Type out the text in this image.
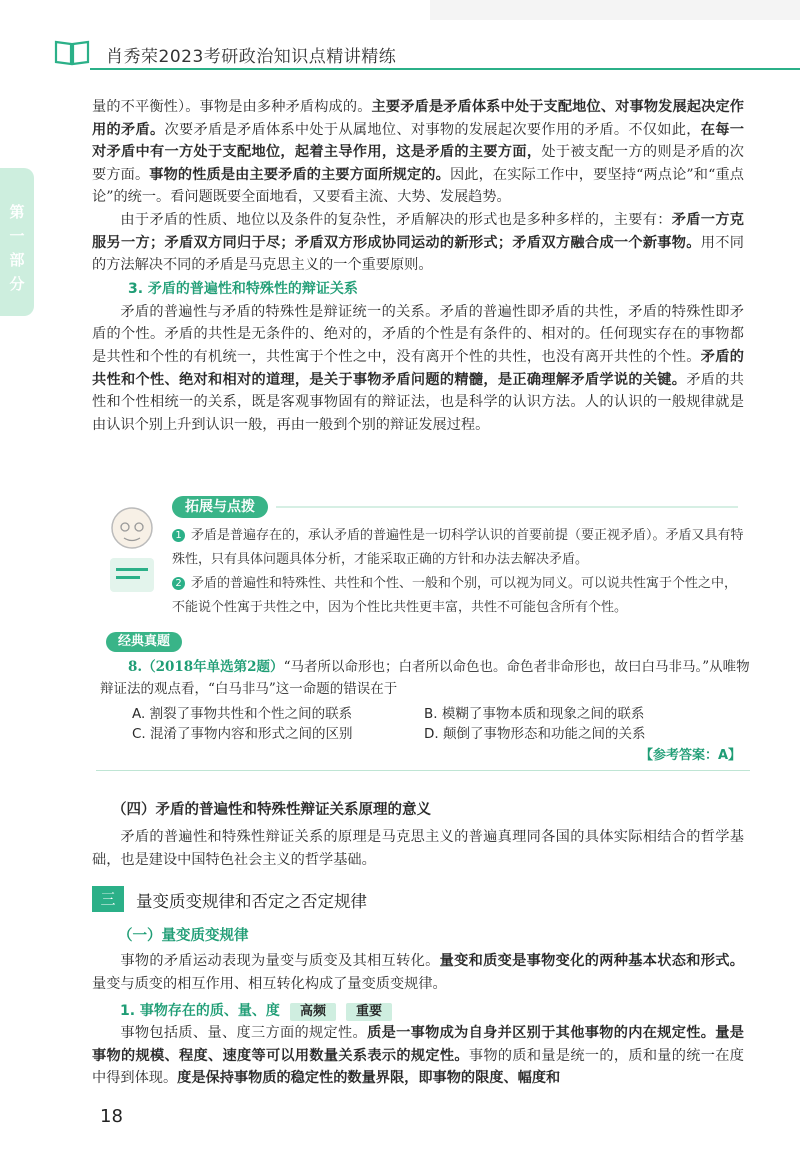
肖秀荣2023考研政治知识点精讲精练
第一部分

量的不平衡性）。事物是由多种矛盾构成的。主要矛盾是矛盾体系中处于支配地位、对事物发展起决定作用的矛盾。次要矛盾是矛盾体系中处于从属地位、对事物的发展起次要作用的矛盾。不仅如此，在每一对矛盾中有一方处于支配地位，起着主导作用，这是矛盾的主要方面，处于被支配一方的则是矛盾的次要方面。事物的性质是由主要矛盾的主要方面所规定的。因此，在实际工作中，要坚持“两点论”和“重点论”的统一。看问题既要全面地看，又要看主流、大势、发展趋势。

由于矛盾的性质、地位以及条件的复杂性，矛盾解决的形式也是多种多样的，主要有：矛盾一方克服另一方；矛盾双方同归于尽；矛盾双方形成协同运动的新形式；矛盾双方融合成一个新事物。用不同的方法解决不同的矛盾是马克思主义的一个重要原则。

3. 矛盾的普遍性和特殊性的辩证关系

矛盾的普遍性与矛盾的特殊性是辩证统一的关系。矛盾的普遍性即矛盾的共性，矛盾的特殊性即矛盾的个性。矛盾的共性是无条件的、绝对的，矛盾的个性是有条件的、相对的。任何现实存在的事物都是共性和个性的有机统一，共性寓于个性之中，没有离开个性的共性，也没有离开共性的个性。矛盾的共性和个性、绝对和相对的道理，是关于事物矛盾问题的精髓，是正确理解矛盾学说的关键。矛盾的共性和个性相统一的关系，既是客观事物固有的辩证法，也是科学的认识方法。人的认识的一般规律就是由认识个别上升到认识一般，再由一般到个别的辩证发展过程。

拓展与点拨
1 矛盾是普遍存在的，承认矛盾的普遍性是一切科学认识的首要前提（要正视矛盾）。矛盾又具有特殊性，只有具体问题具体分析，才能采取正确的方针和办法去解决矛盾。
2 矛盾的普遍性和特殊性、共性和个性、一般和个别，可以视为同义。可以说共性寓于个性之中，不能说个性寓于共性之中，因为个性比共性更丰富，共性不可能包含所有个性。
经典真题
8.（2018年单选第2题）“马者所以命形也；白者所以命色也。命色者非命形也，故曰白马非马。”从唯物辩证法的观点看，“白马非马”这一命题的错误在于
A. 割裂了事物共性和个性之间的联系	B. 模糊了事物本质和现象之间的联系
C. 混淆了事物内容和形式之间的区别	D. 颠倒了事物形态和功能之间的关系
【参考答案：A】
（四）矛盾的普遍性和特殊性辩证关系原理的意义

矛盾的普遍性和特殊性辩证关系的原理是马克思主义的普遍真理同各国的具体实际相结合的哲学基础，也是建设中国特色社会主义的哲学基础。

三	量变质变规律和否定之否定规律
（一）量变质变规律

事物的矛盾运动表现为量变与质变及其相互转化。量变和质变是事物变化的两种基本状态和形式。量变与质变的相互作用、相互转化构成了量变质变规律。

1. 事物存在的质、量、度 高频 重要

事物包括质、量、度三方面的规定性。质是一事物成为自身并区别于其他事物的内在规定性。量是事物的规模、程度、速度等可以用数量关系表示的规定性。事物的质和量是统一的，质和量的统一在度中得到体现。度是保持事物质的稳定性的数量界限，即事物的限度、幅度和

18
